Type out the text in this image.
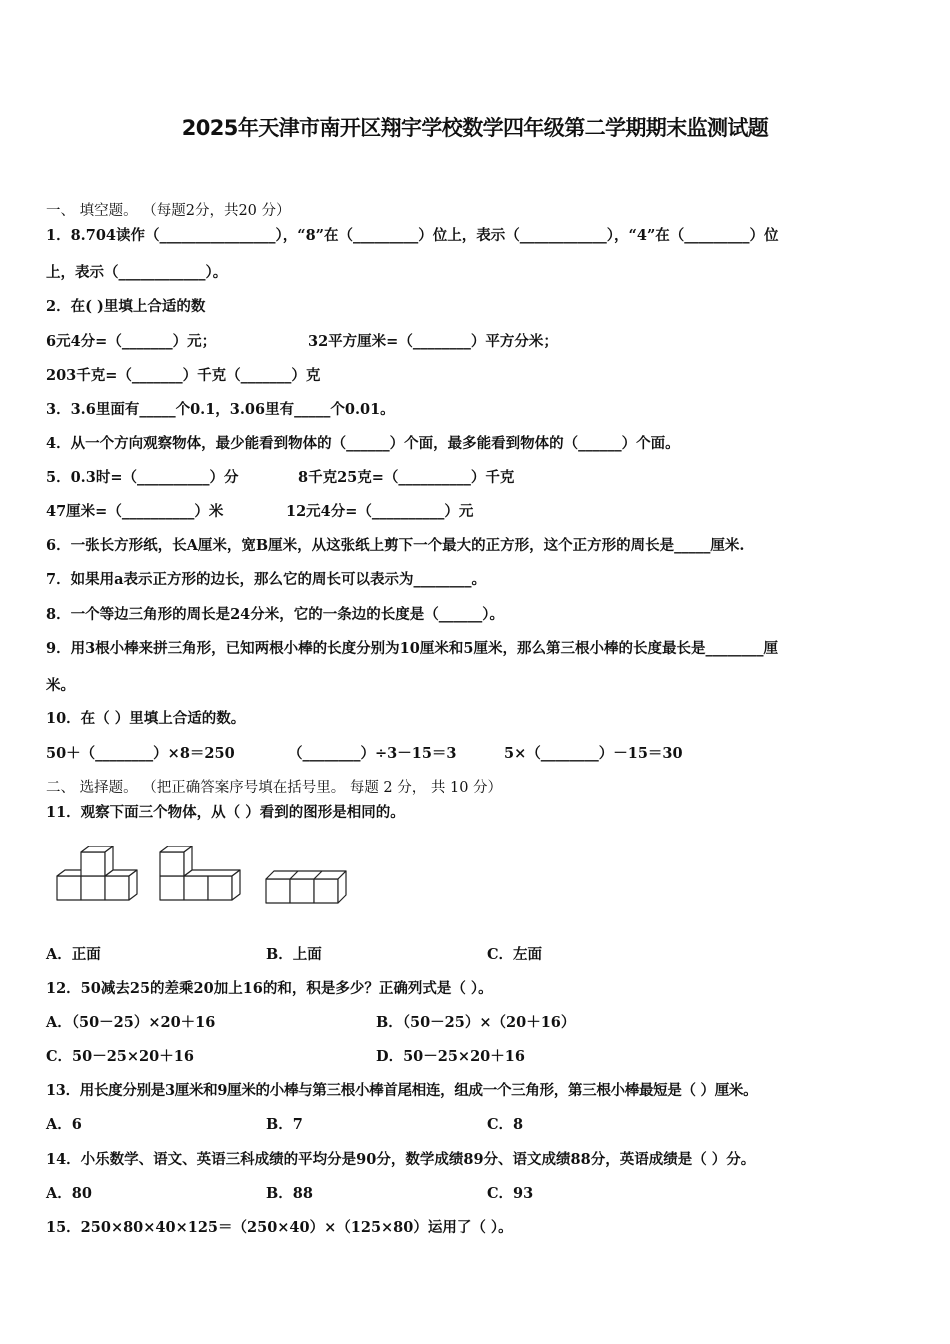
2025年天津市南开区翔宇学校数学四年级第二学期期末监测试题
一、 填空题。 （每题2分，共20 分）
1．8.704读作（________________），“8”在（_________）位上，表示（____________），“4”在（_________）位
上，表示（____________）。
2．在( )里填上合适的数
6元4分=（_______）元；	32平方厘米=（________）平方分米；
203千克=（_______）千克（_______）克
3．3.6里面有_____个0.1，3.06里有_____个0.01。
4．从一个方向观察物体，最少能看到物体的（______）个面，最多能看到物体的（______）个面。
5．0.3时=（__________）分	8千克25克=（__________）千克
47厘米=（__________）米	12元4分=（__________）元
6．一张长方形纸，长A厘米，宽B厘米，从这张纸上剪下一个最大的正方形，这个正方形的周长是_____厘米.
7．如果用a表示正方形的边长，那么它的周长可以表示为________。
8．一个等边三角形的周长是24分米，它的一条边的长度是（______）。
9．用3根小棒来拼三角形，已知两根小棒的长度分别为10厘米和5厘米，那么第三根小棒的长度最长是________厘
米。
10．在（ ）里填上合适的数。
50＋（________）×8＝250	（________）÷3－15＝3	5×（________）－15＝30
二、 选择题。 （把正确答案序号填在括号里。 每题 2 分， 共 10 分）
11．观察下面三个物体，从（ ）看到的图形是相同的。
A．正面	B．上面	C．左面
12．50减去25的差乘20加上16的和，积是多少？正确列式是（ ）。
A．（50－25）×20＋16	B．（50－25）×（20＋16）
C．50－25×20＋16	D．50－25×20＋16
13．用长度分别是3厘米和9厘米的小棒与第三根小棒首尾相连，组成一个三角形，第三根小棒最短是（ ）厘米。
A．6	B．7	C．8
14．小乐数学、语文、英语三科成绩的平均分是90分，数学成绩89分、语文成绩88分，英语成绩是（ ）分。
A．80	B．88	C．93
15．250×80×40×125＝（250×40）×（125×80）运用了（ ）。
